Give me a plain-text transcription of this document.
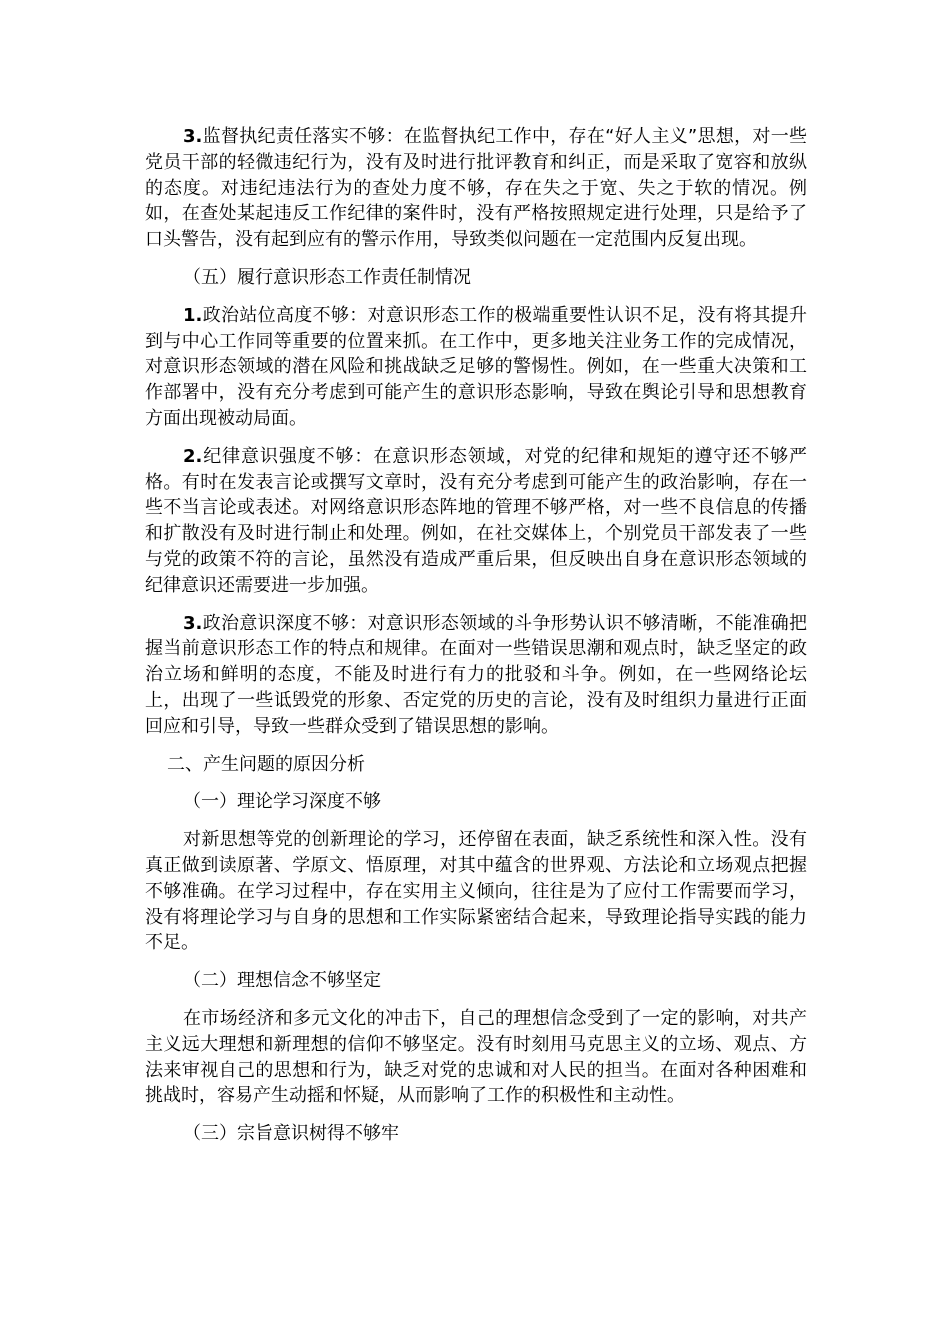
3.监督执纪责任落实不够：在监督执纪工作中，存在“好人主义”思想，对一些党员干部的轻微违纪行为，没有及时进行批评教育和纠正，而是采取了宽容和放纵的态度。对违纪违法行为的查处力度不够，存在失之于宽、失之于软的情况。例如，在查处某起违反工作纪律的案件时，没有严格按照规定进行处理，只是给予了口头警告，没有起到应有的警示作用，导致类似问题在一定范围内反复出现。

（五）履行意识形态工作责任制情况

1.政治站位高度不够：对意识形态工作的极端重要性认识不足，没有将其提升到与中心工作同等重要的位置来抓。在工作中，更多地关注业务工作的完成情况，对意识形态领域的潜在风险和挑战缺乏足够的警惕性。例如，在一些重大决策和工作部署中，没有充分考虑到可能产生的意识形态影响，导致在舆论引导和思想教育方面出现被动局面。

2.纪律意识强度不够：在意识形态领域，对党的纪律和规矩的遵守还不够严格。有时在发表言论或撰写文章时，没有充分考虑到可能产生的政治影响，存在一些不当言论或表述。对网络意识形态阵地的管理不够严格，对一些不良信息的传播和扩散没有及时进行制止和处理。例如，在社交媒体上，个别党员干部发表了一些与党的政策不符的言论，虽然没有造成严重后果，但反映出自身在意识形态领域的纪律意识还需要进一步加强。

3.政治意识深度不够：对意识形态领域的斗争形势认识不够清晰，不能准确把握当前意识形态工作的特点和规律。在面对一些错误思潮和观点时，缺乏坚定的政治立场和鲜明的态度，不能及时进行有力的批驳和斗争。例如，在一些网络论坛上，出现了一些诋毁党的形象、否定党的历史的言论，没有及时组织力量进行正面回应和引导，导致一些群众受到了错误思想的影响。

二、产生问题的原因分析

（一）理论学习深度不够

对新思想等党的创新理论的学习，还停留在表面，缺乏系统性和深入性。没有真正做到读原著、学原文、悟原理，对其中蕴含的世界观、方法论和立场观点把握不够准确。在学习过程中，存在实用主义倾向，往往是为了应付工作需要而学习，没有将理论学习与自身的思想和工作实际紧密结合起来，导致理论指导实践的能力不足。

（二）理想信念不够坚定

在市场经济和多元文化的冲击下，自己的理想信念受到了一定的影响，对共产主义远大理想和新理想的信仰不够坚定。没有时刻用马克思主义的立场、观点、方法来审视自己的思想和行为，缺乏对党的忠诚和对人民的担当。在面对各种困难和挑战时，容易产生动摇和怀疑，从而影响了工作的积极性和主动性。

（三）宗旨意识树得不够牢
